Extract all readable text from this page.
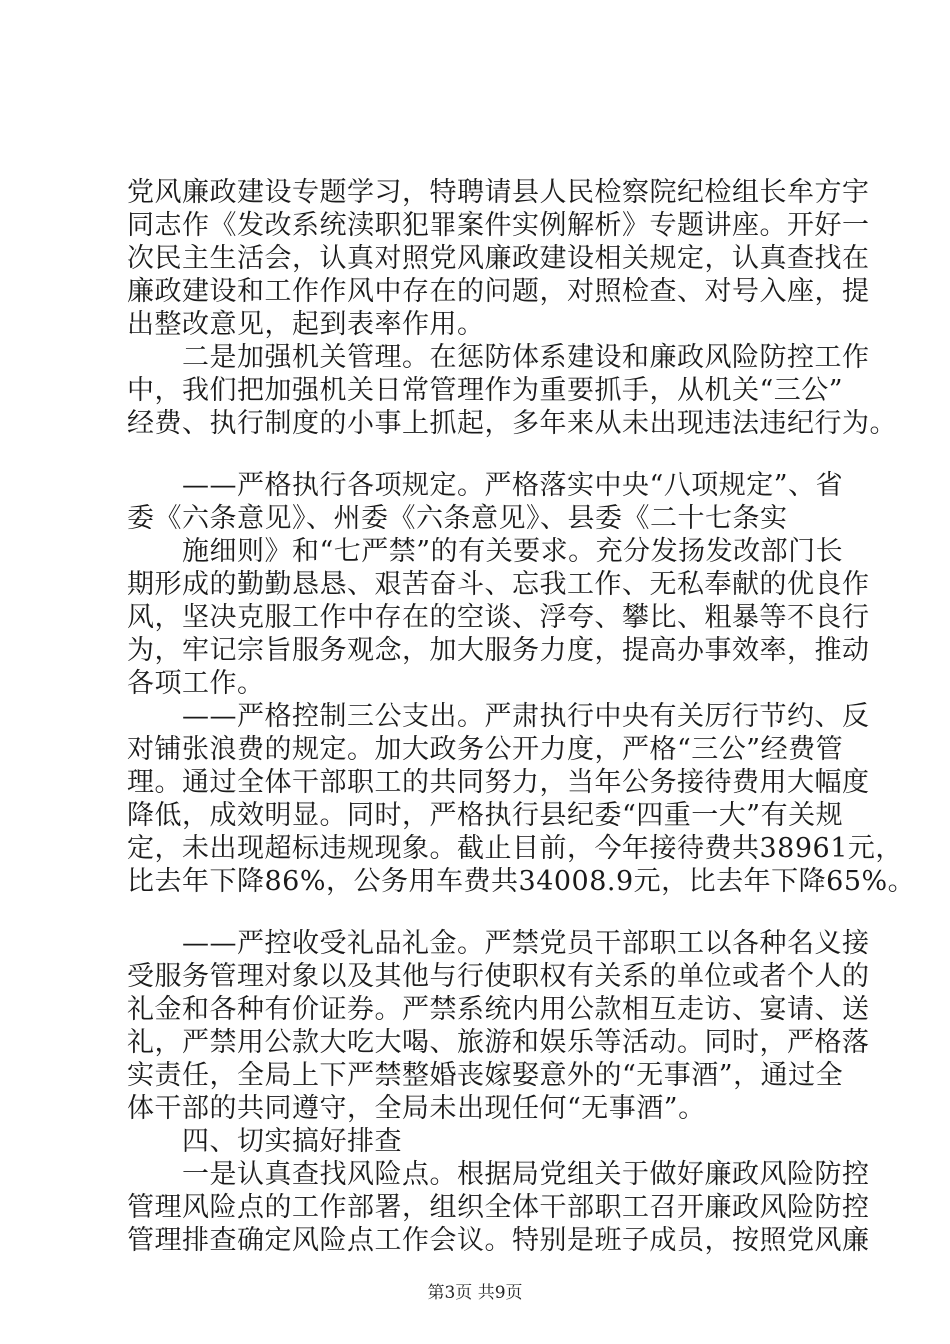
党风廉政建设专题学习，特聘请县人民检察院纪检组长牟方宇
同志作《发改系统渎职犯罪案件实例解析》专题讲座。开好一
次民主生活会，认真对照党风廉政建设相关规定，认真查找在
廉政建设和工作作风中存在的问题，对照检查、对号入座，提
出整改意见，起到表率作用。
二是加强机关管理。在惩防体系建设和廉政风险防控工作
中，我们把加强机关日常管理作为重要抓手，从机关“三公”
经费、执行制度的小事上抓起，多年来从未出现违法违纪行为。
——严格执行各项规定。严格落实中央“八项规定”、省
委《六条意见》、州委《六条意见》、县委《二十七条实
施细则》和“七严禁”的有关要求。充分发扬发改部门长
期形成的勤勤恳恳、艰苦奋斗、忘我工作、无私奉献的优良作
风，坚决克服工作中存在的空谈、浮夸、攀比、粗暴等不良行
为，牢记宗旨服务观念，加大服务力度，提高办事效率，推动
各项工作。
——严格控制三公支出。严肃执行中央有关厉行节约、反
对铺张浪费的规定。加大政务公开力度，严格“三公”经费管
理。通过全体干部职工的共同努力，当年公务接待费用大幅度
降低，成效明显。同时，严格执行县纪委“四重一大”有关规
定，未出现超标违规现象。截止目前，今年接待费共38961元，
比去年下降86%，公务用车费共34008.9元，比去年下降65%。
——严控收受礼品礼金。严禁党员干部职工以各种名义接
受服务管理对象以及其他与行使职权有关系的单位或者个人的
礼金和各种有价证券。严禁系统内用公款相互走访、宴请、送
礼，严禁用公款大吃大喝、旅游和娱乐等活动。同时，严格落
实责任，全局上下严禁整婚丧嫁娶意外的“无事酒”，通过全
体干部的共同遵守，全局未出现任何“无事酒”。
四、切实搞好排查
一是认真查找风险点。根据局党组关于做好廉政风险防控
管理风险点的工作部署，组织全体干部职工召开廉政风险防控
管理排查确定风险点工作会议。特别是班子成员，按照党风廉
第3页 共9页
